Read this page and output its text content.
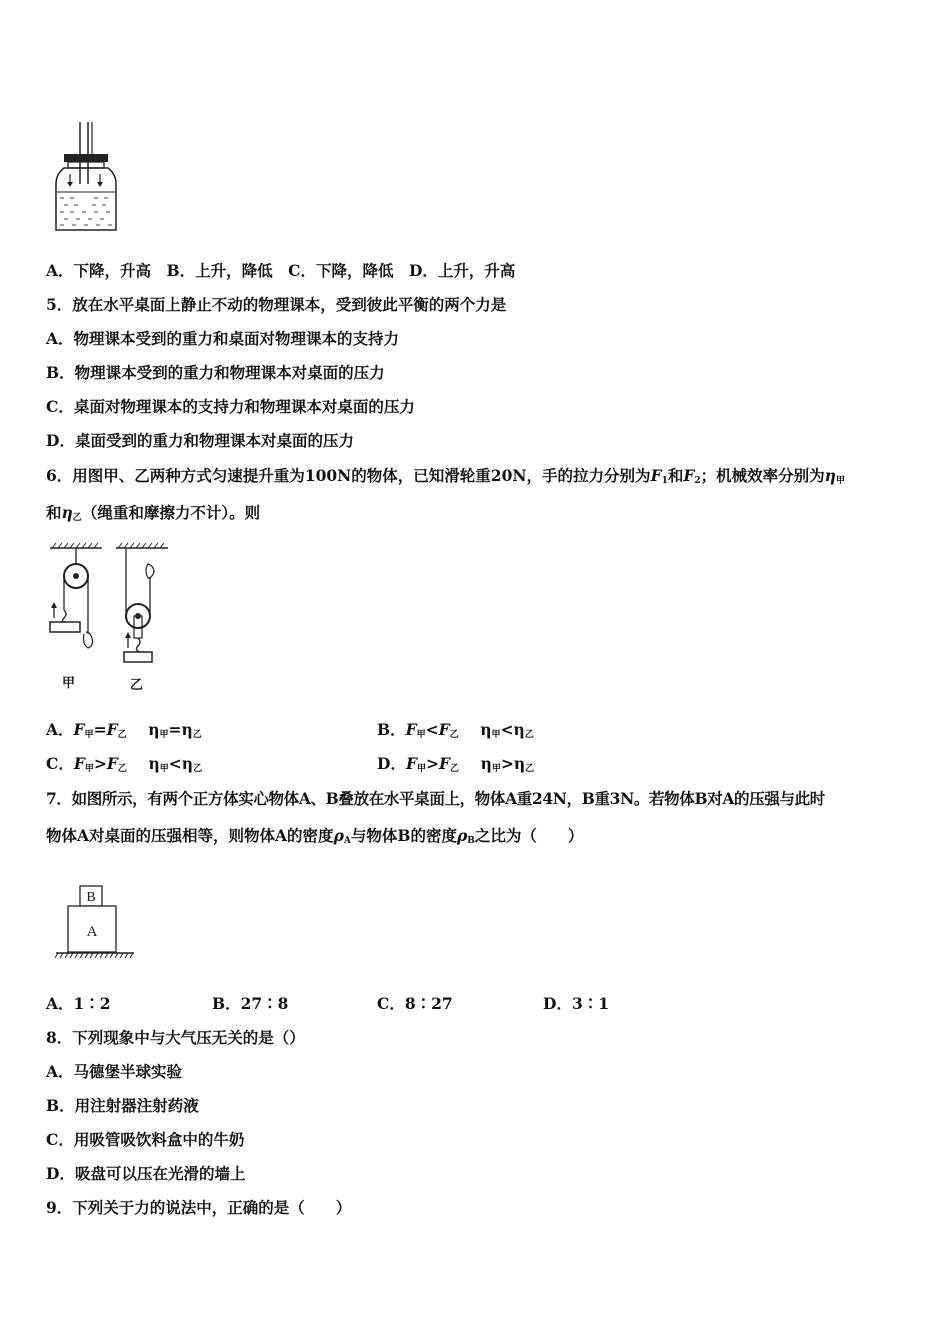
A．下降，升高　B．上升，降低　C．下降，降低　D．上升，升高
5．放在水平桌面上静止不动的物理课本，受到彼此平衡的两个力是
A．物理课本受到的重力和桌面对物理课本的支持力
B．物理课本受到的重力和物理课本对桌面的压力
C．桌面对物理课本的支持力和物理课本对桌面的压力
D．桌面受到的重力和物理课本对桌面的压力
6．用图甲、乙两种方式匀速提升重为100N的物体，已知滑轮重20N，手的拉力分别为$F_1$和$F_2$；机械效率分别为$\eta_甲$
和$\eta_乙$（绳重和摩擦力不计）。则
甲	乙
A．$F_甲=F_乙$ $\eta_甲=\eta_乙$	B．$F_甲<F_乙$ $\eta_甲<\eta_乙$
C．$F_甲>F_乙$ $\eta_甲<\eta_乙$	D．$F_甲>F_乙$ $\eta_甲>\eta_乙$
7．如图所示，有两个正方体实心物体A、B叠放在水平桌面上，物体A重24N，B重3N。若物体B对A的压强与此时
物体A对桌面的压强相等，则物体A的密度$\rho_A$与物体B的密度$\rho_B$之比为（　　）
B
A
A．1∶2	B．27∶8	C．8∶27	D．3∶1
8．下列现象中与大气压无关的是（）
A．马德堡半球实验
B．用注射器注射药液
C．用吸管吸饮料盒中的牛奶
D．吸盘可以压在光滑的墙上
9．下列关于力的说法中，正确的是（　　）
